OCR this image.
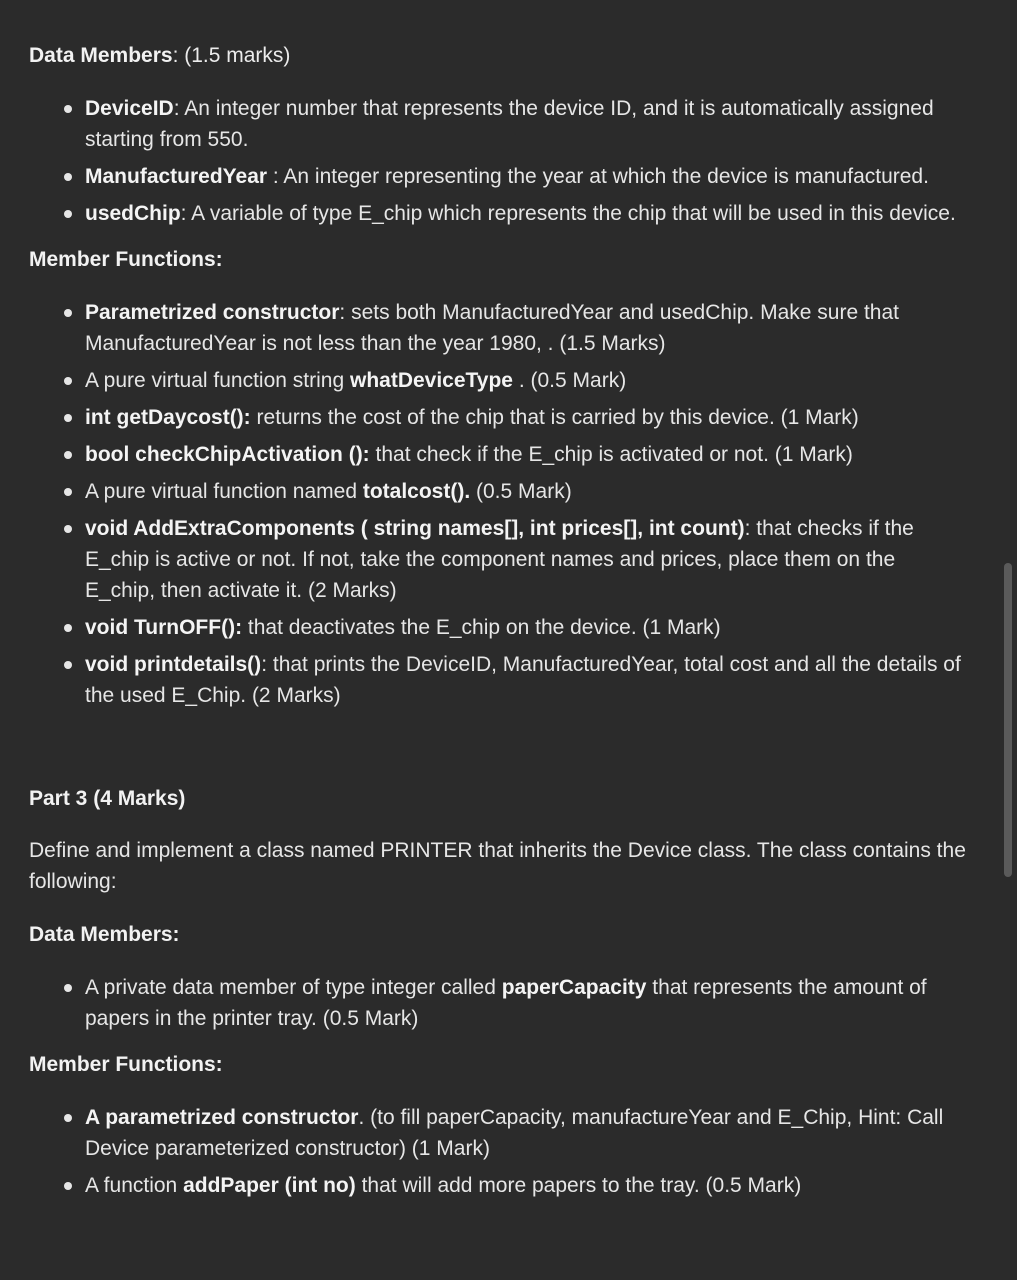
Data Members: (1.5 marks)

DeviceID: An integer number that represents the device ID, and it is automatically assigned starting from 550.
ManufacturedYear : An integer representing the year at which the device is manufactured.
usedChip: A variable of type E_chip which represents the chip that will be used in this device.

Member Functions:

Parametrized constructor: sets both ManufacturedYear and usedChip. Make sure that ManufacturedYear is not less than the year 1980, . (1.5 Marks)
A pure virtual function string whatDeviceType . (0.5 Mark)
int getDaycost(): returns the cost of the chip that is carried by this device. (1 Mark)
bool checkChipActivation (): that check if the E_chip is activated or not. (1 Mark)
A pure virtual function named totalcost(). (0.5 Mark)
void AddExtraComponents ( string names[], int prices[], int count): that checks if the E_chip is active or not. If not, take the component names and prices, place them on the E_chip, then activate it. (2 Marks)
void TurnOFF(): that deactivates the E_chip on the device. (1 Mark)
void printdetails(): that prints the DeviceID, ManufacturedYear, total cost and all the details of the used E_Chip. (2 Marks)

Part 3 (4 Marks)

Define and implement a class named PRINTER that inherits the Device class. The class contains the following:

Data Members:

A private data member of type integer called paperCapacity that represents the amount of papers in the printer tray. (0.5 Mark)

Member Functions:

A parametrized constructor. (to fill paperCapacity, manufactureYear and E_Chip, Hint: Call Device parameterized constructor) (1 Mark)
A function addPaper (int no) that will add more papers to the tray. (0.5 Mark)
